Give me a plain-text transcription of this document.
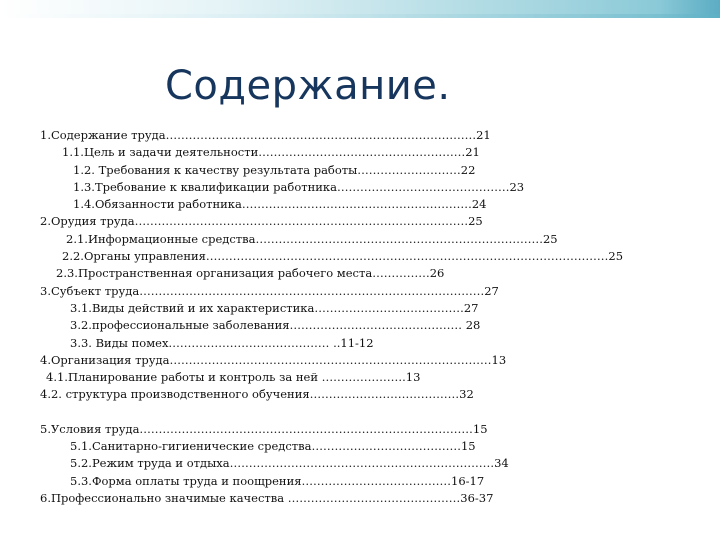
Содержание.
1.Содержание труда………………………………………………………………………21
1.1.Цель и задачи деятельности………………………………………………21
1.2. Требования к качеству результата работы………………………22
1.3.Требование к квалификации работника………………………………………23
1.4.Обязанности работника……………………………………………………24
2.Орудия труда……………………………………………………………………………25
2.1.Информационные средства…………………………………………………………………25
2.2.Органы управления……………………………………………………………………………………………25
2.3.Пространственная организация рабочего места……………26
3.Субъект труда………………………………………………………………………………27
3.1.Виды действий и их характеристика…………………………………27
3.2.профессиональные заболевания……………………………………… 28
3.3. Виды помех…………………………………… ..11-12
4.Организация труда…………………………………………………………………………13
4.1.Планирование работы и контроль за ней ………………….13
4.2. структура производственного обучения…………………………………32
5.Условия труда……………………………………………………………………………15
5.1.Санитарно-гигиенические средства…………………………………15
5.2.Режим труда и отдыха……………………………………………………………34
5.3.Форма оплаты труда и поощрения…………………………………16-17
6.Профессионально значимые качества ………………………………………36-37
